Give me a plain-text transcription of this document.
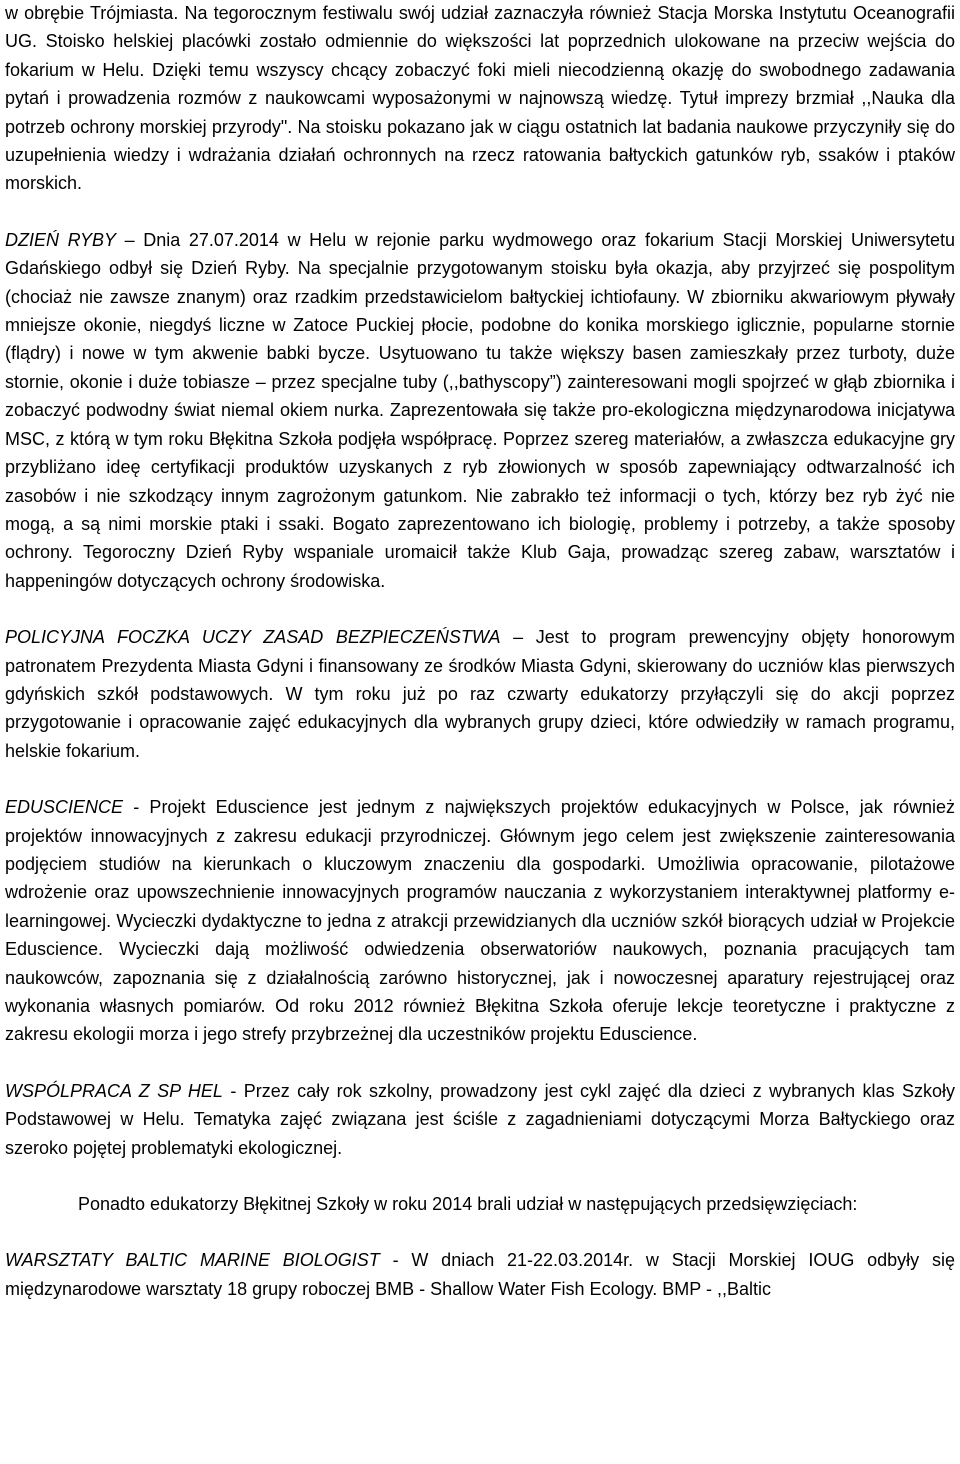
w obrębie Trójmiasta. Na tegorocznym festiwalu swój udział zaznaczyła również Stacja Morska Instytutu Oceanografii UG. Stoisko helskiej placówki zostało odmiennie do większości lat poprzednich ulokowane na przeciw wejścia do fokarium w Helu. Dzięki temu wszyscy chcący zobaczyć foki mieli niecodzienną okazję do swobodnego zadawania pytań i prowadzenia rozmów z naukowcami wyposażonymi w najnowszą wiedzę. Tytuł imprezy brzmiał ,,Nauka dla potrzeb ochrony morskiej przyrody". Na stoisku pokazano jak w ciągu ostatnich lat badania naukowe przyczyniły się do uzupełnienia wiedzy i wdrażania działań ochronnych na rzecz ratowania bałtyckich gatunków ryb, ssaków i ptaków morskich.

DZIEŃ RYBY – Dnia 27.07.2014 w Helu w rejonie parku wydmowego oraz fokarium Stacji Morskiej Uniwersytetu Gdańskiego odbył się Dzień Ryby. Na specjalnie przygotowanym stoisku była okazja, aby przyjrzeć się pospolitym (chociaż nie zawsze znanym) oraz rzadkim przedstawicielom bałtyckiej ichtiofauny. W zbiorniku akwariowym pływały mniejsze okonie, niegdyś liczne w Zatoce Puckiej płocie, podobne do konika morskiego iglicznie, popularne stornie (flądry) i nowe w tym akwenie babki bycze. Usytuowano tu także większy basen zamieszkały przez turboty, duże stornie, okonie i duże tobiasze – przez specjalne tuby (,,bathyscopy”) zainteresowani mogli spojrzeć w głąb zbiornika i zobaczyć podwodny świat niemal okiem nurka. Zaprezentowała się także pro-ekologiczna międzynarodowa inicjatywa MSC, z którą w tym roku Błękitna Szkoła podjęła współpracę. Poprzez szereg materiałów, a zwłaszcza edukacyjne gry przybliżano ideę certyfikacji produktów uzyskanych z ryb złowionych w sposób zapewniający odtwarzalność ich zasobów i nie szkodzący innym zagrożonym gatunkom. Nie zabrakło też informacji o tych, którzy bez ryb żyć nie mogą, a są nimi morskie ptaki i ssaki. Bogato zaprezentowano ich biologię, problemy i potrzeby, a także sposoby ochrony. Tegoroczny Dzień Ryby wspaniale uromaicił także Klub Gaja, prowadząc szereg zabaw, warsztatów i happeningów dotyczących ochrony środowiska.

POLICYJNA FOCZKA UCZY ZASAD BEZPIECZEŃSTWA – Jest to program prewencyjny objęty honorowym patronatem Prezydenta Miasta Gdyni i finansowany ze środków Miasta Gdyni, skierowany do uczniów klas pierwszych gdyńskich szkół podstawowych. W tym roku już po raz czwarty edukatorzy przyłączyli się do akcji poprzez przygotowanie i opracowanie zajęć edukacyjnych dla wybranych grupy dzieci, które odwiedziły w ramach programu, helskie fokarium.

EDUSCIENCE - Projekt Eduscience jest jednym z największych projektów edukacyjnych w Polsce, jak również projektów innowacyjnych z zakresu edukacji przyrodniczej. Głównym jego celem jest zwiększenie zainteresowania podjęciem studiów na kierunkach o kluczowym znaczeniu dla gospodarki. Umożliwia opracowanie, pilotażowe wdrożenie oraz upowszechnienie innowacyjnych programów nauczania z wykorzystaniem interaktywnej platformy e-learningowej. Wycieczki dydaktyczne to jedna z atrakcji przewidzianych dla uczniów szkół biorących udział w Projekcie Eduscience. Wycieczki dają możliwość odwiedzenia obserwatoriów naukowych, poznania pracujących tam naukowców, zapoznania się z działalnością zarówno historycznej, jak i nowoczesnej aparatury rejestrującej oraz wykonania własnych pomiarów. Od roku 2012 również Błękitna Szkoła oferuje lekcje teoretyczne i praktyczne z zakresu ekologii morza i jego strefy przybrzeżnej dla uczestników projektu Eduscience.

WSPÓLPRACA Z SP HEL - Przez cały rok szkolny, prowadzony jest cykl zajęć dla dzieci z wybranych klas Szkoły Podstawowej w Helu. Tematyka zajęć związana jest ściśle z zagadnieniami dotyczącymi Morza Bałtyckiego oraz szeroko pojętej problematyki ekologicznej.

Ponadto edukatorzy Błękitnej Szkoły w roku 2014 brali udział w następujących przedsięwzięciach:

WARSZTATY BALTIC MARINE BIOLOGIST - W dniach 21-22.03.2014r. w Stacji Morskiej IOUG odbyły się międzynarodowe warsztaty 18 grupy roboczej BMB - Shallow Water Fish Ecology. BMP - ,,Baltic
